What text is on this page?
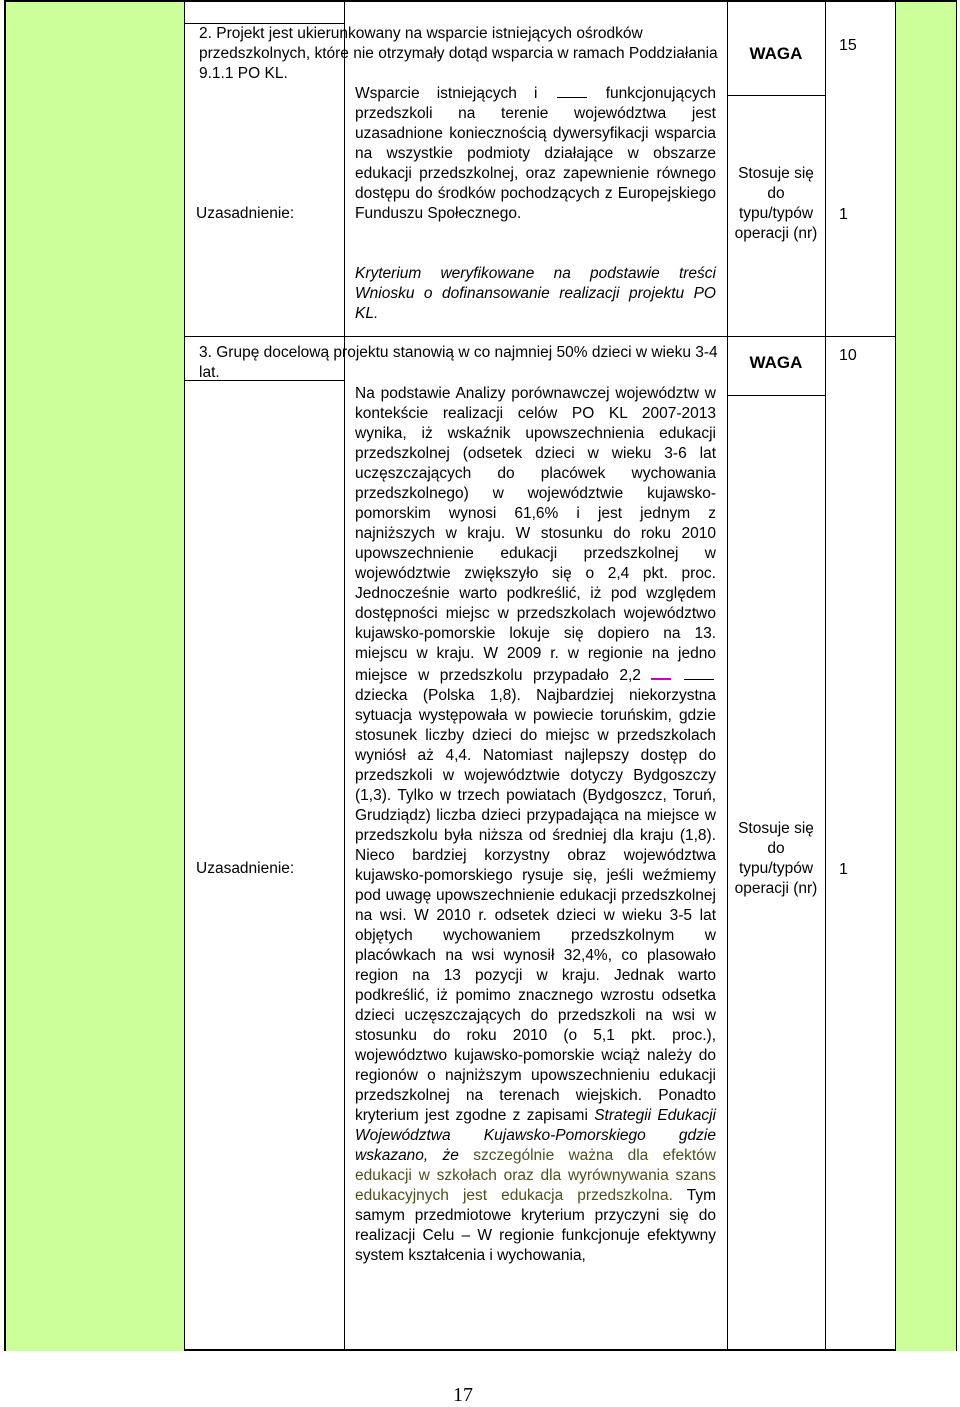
2. Projekt jest ukierunkowany na wsparcie istniejących ośrodków przedszkolnych, które nie otrzymały dotąd wsparcia w ramach Poddziałania 9.1.1 PO KL.
Uzasadnienie:
Wsparcie istniejących i	funkcjonujących przedszkoli na terenie województwa jest uzasadnione koniecznością dywersyfikacji wsparcia na wszystkie podmioty działające w obszarze edukacji przedszkolnej, oraz zapewnienie równego dostępu do środków pochodzących z Europejskiego Funduszu Społecznego.
Kryterium weryfikowane na podstawie treści Wniosku o dofinansowanie realizacji projektu PO KL.
WAGA
Stosuje się do typu/typów operacji (nr)
15
1
3. Grupę docelową projektu stanowią w co najmniej 50% dzieci w wieku 3-4 lat.
Uzasadnienie:
Na podstawie Analizy porównawczej województw w kontekście realizacji celów PO KL 2007-2013 wynika, iż wskaźnik upowszechnienia edukacji przedszkolnej (odsetek dzieci w wieku 3-6 lat uczęszczających do placówek wychowania przedszkolnego) w województwie kujawsko-pomorskim wynosi 61,6% i jest jednym z najniższych w kraju. W stosunku do roku 2010 upowszechnienie edukacji przedszkolnej w województwie zwiększyło się o 2,4 pkt. proc. Jednocześnie warto podkreślić, iż pod względem dostępności miejsc w przedszkolach województwo kujawsko-pomorskie lokuje się dopiero na 13. miejscu w kraju. W 2009 r. w regionie na jedno miejsce w przedszkolu przypadało 2,2   dziecka (Polska 1,8). Najbardziej niekorzystna sytuacja występowała w powiecie toruńskim, gdzie stosunek liczby dzieci do miejsc w przedszkolach wyniósł aż 4,4. Natomiast najlepszy dostęp do przedszkoli w województwie dotyczy Bydgoszczy (1,3). Tylko w trzech powiatach (Bydgoszcz, Toruń, Grudziądz) liczba dzieci przypadająca na miejsce w przedszkolu była niższa od średniej dla kraju (1,8). Nieco bardziej korzystny obraz województwa kujawsko-pomorskiego rysuje się, jeśli weźmiemy pod uwagę upowszechnienie edukacji przedszkolnej na wsi. W 2010 r. odsetek dzieci w wieku 3-5 lat objętych wychowaniem przedszkolnym w placówkach na wsi wynosił 32,4%, co plasowało region na 13 pozycji w kraju. Jednak warto podkreślić, iż pomimo znacznego wzrostu odsetka dzieci uczęszczających do przedszkoli na wsi w stosunku do roku 2010 (o 5,1 pkt. proc.), województwo kujawsko-pomorskie wciąż należy do regionów o najniższym upowszechnieniu edukacji przedszkolnej na terenach wiejskich. Ponadto kryterium jest zgodne z zapisami Strategii Edukacji Województwa Kujawsko-Pomorskiego gdzie wskazano, że szczególnie ważna dla efektów edukacji w szkołach oraz dla wyrównywania szans edukacyjnych jest edukacja przedszkolna. Tym samym przedmiotowe kryterium przyczyni się do realizacji Celu – W regionie funkcjonuje efektywny system kształcenia i wychowania,
WAGA
Stosuje się do typu/typów operacji (nr)
10
1
17
